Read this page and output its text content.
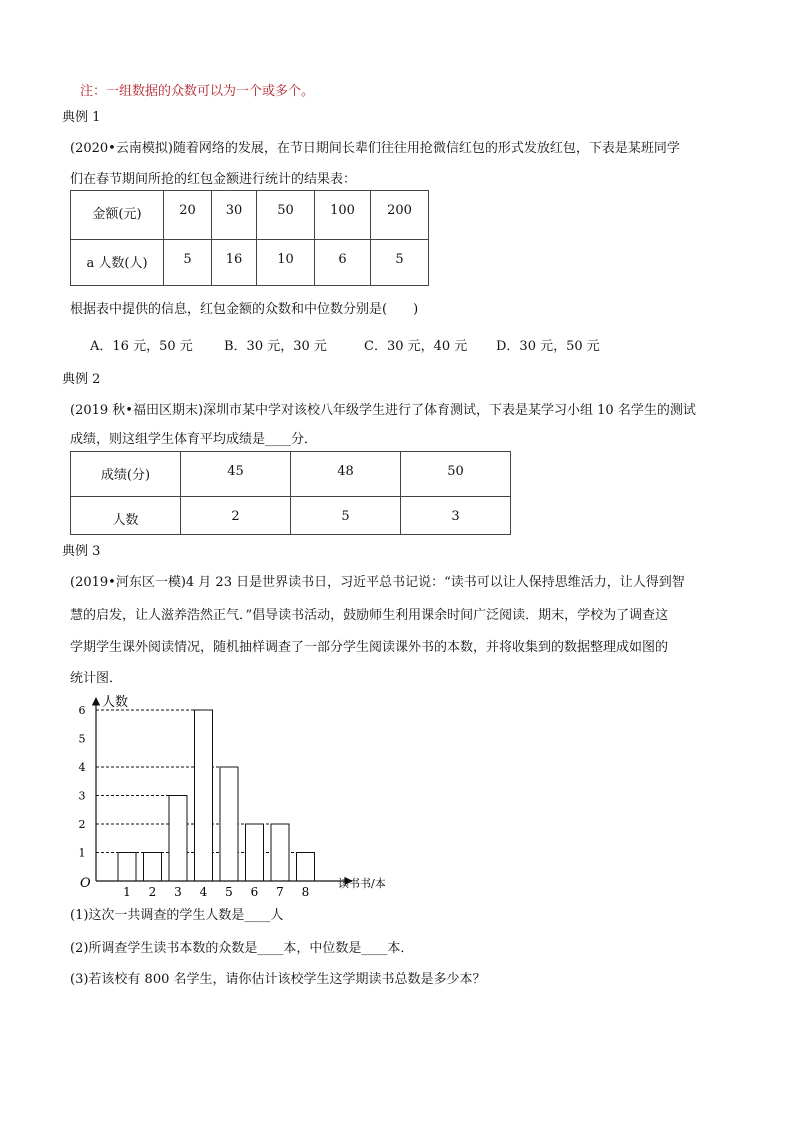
注：一组数据的众数可以为一个或多个。
典例 1
(2020•云南模拟)随着网络的发展，在节日期间长辈们往往用抢微信红包的形式发放红包，下表是某班同学
们在春节期间所抢的红包金额进行统计的结果表：
金额(元)	20	30	50	100	200
a 人数(人)	5	16	10	6	5
根据表中提供的信息，红包金额的众数和中位数分别是(　　)
A．16 元，50 元 B．30 元，30 元	C．30 元，40 元 D．30 元，50 元
典例 2
(2019 秋•福田区期末)深圳市某中学对该校八年级学生进行了体育测试，下表是某学习小组 10 名学生的测试
成绩，则这组学生体育平均成绩是____分．
成绩(分)	45	48	50
人数	2	5	3
典例 3
(2019•河东区一模)4 月 23 日是世界读书日，习近平总书记说：“读书可以让人保持思维活力，让人得到智
慧的启发，让人滋养浩然正气．”倡导读书活动，鼓励师生利用课余时间广泛阅读．期末，学校为了调查这
学期学生课外阅读情况，随机抽样调查了一部分学生阅读课外书的本数，并将收集到的数据整理成如图的
统计图．
人数
O	读书书/本
1 2 3 4 5 6 7 8
1
2
3
4
5
6
(1)这次一共调查的学生人数是____人
(2)所调查学生读书本数的众数是____本，中位数是____本．
(3)若该校有 800 名学生，请你估计该校学生这学期读书总数是多少本？
